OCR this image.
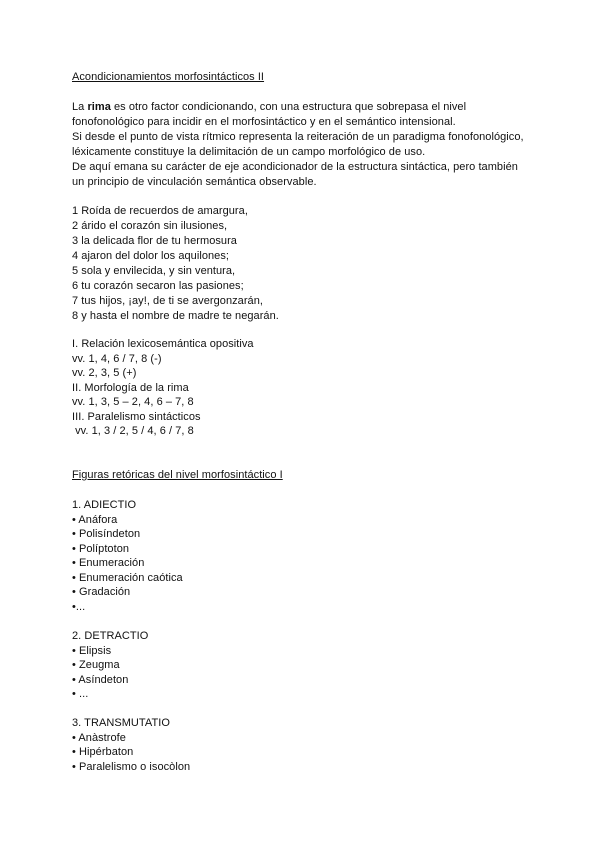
Acondicionamientos morfosintácticos II
La rima es otro factor condicionando, con una estructura que sobrepasa el nivel
fonofonológico para incidir en el morfosintáctico y en el semántico intensional.
Si desde el punto de vista rítmico representa la reiteración de un paradigma fonofonológico,
léxicamente constituye la delimitación de un campo morfológico de uso.
De aquí emana su carácter de eje acondicionador de la estructura sintáctica, pero también
un principio de vinculación semántica observable.
1 Roída de recuerdos de amargura,
2 árido el corazón sin ilusiones,
3 la delicada flor de tu hermosura
4 ajaron del dolor los aquilones;
5 sola y envilecida, y sin ventura,
6 tu corazón secaron las pasiones;
7 tus hijos, ¡ay!, de ti se avergonzarán,
8 y hasta el nombre de madre te negarán.
I. Relación lexicosemántica opositiva
vv. 1, 4, 6 / 7, 8 (-)
vv. 2, 3, 5 (+)
II. Morfología de la rima
vv. 1, 3, 5 – 2, 4, 6 – 7, 8
III. Paralelismo sintácticos
vv. 1, 3 / 2, 5 / 4, 6 / 7, 8
Figuras retóricas del nivel morfosintáctico I
1. ADIECTIO
• Anáfora
• Polisíndeton
• Políptoton
• Enumeración
• Enumeración caótica
• Gradación
•...
2. DETRACTIO
• Elipsis
• Zeugma
• Asíndeton
• ...
3. TRANSMUTATIO
• Anàstrofe
• Hipérbaton
• Paralelismo o isocòlon
